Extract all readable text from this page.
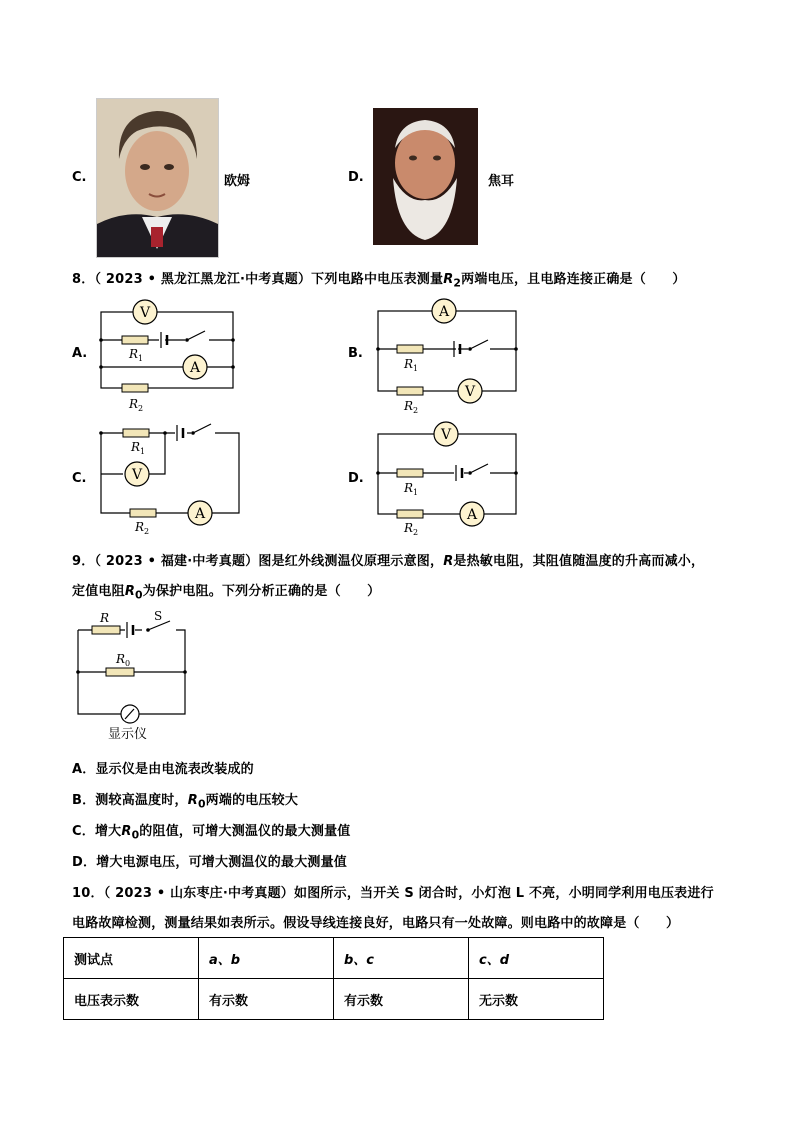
C.	欧姆	D.	焦耳
8．（ 2023 • 黑龙江黑龙江·中考真题）下列电路中电压表测量$R_2$两端电压，且电路连接正确是（　　）
A.
V
A
R 1
R 2
B.
A
V
R 1
R 2
C.	V
A
R 1
R 2
D.
V
A
R 1
R 2
9．（ 2023 • 福建·中考真题）图是红外线测温仪原理示意图，R是热敏电阻，其阻值随温度的升高而减小，
定值电阻$R_0$为保护电阻。下列分析正确的是（　　）
R	S
R 0
显示仪
A．显示仪是由电流表改装成的
B．测较高温度时，$R_0$两端的电压较大
C．增大$R_0$的阻值，可增大测温仪的最大测量值
D．增大电源电压，可增大测温仪的最大测量值
10．（ 2023 • 山东枣庄·中考真题）如图所示，当开关 S 闭合时，小灯泡 L 不亮，小明同学利用电压表进行
电路故障检测，测量结果如表所示。假设导线连接良好，电路只有一处故障。则电路中的故障是（　　）
测试点	a、b	b、c	c、d
电压表示数	有示数	有示数	无示数
